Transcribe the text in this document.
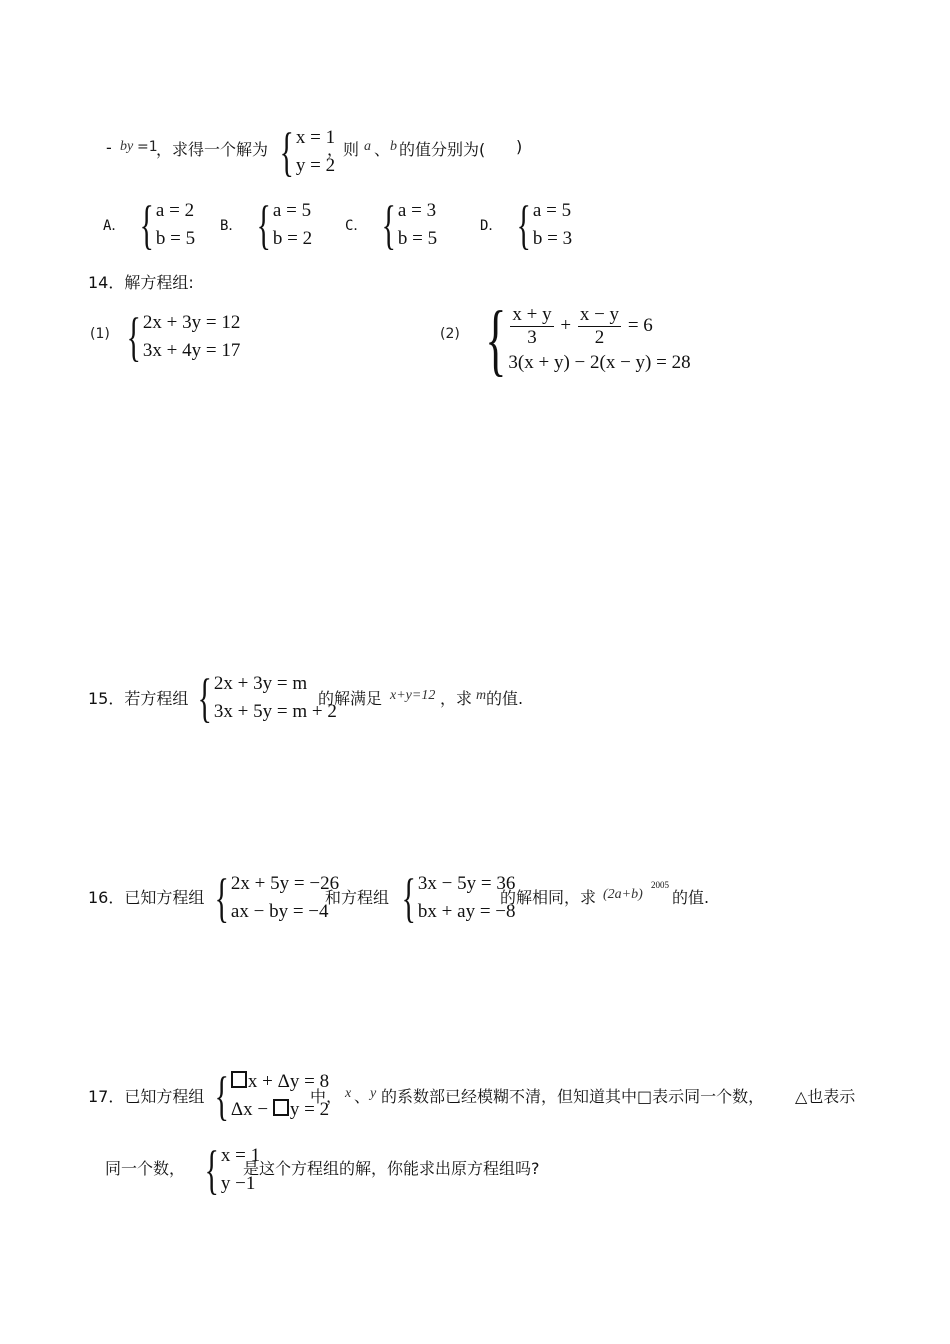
- by =1
，求得一个解为 { x = 1
y = 2
，则 a 、 b 的值分别为( )
A． { a = 2
b = 5
B． { a = 5
b = 2
C． { a = 3
b = 5
D． { a = 5
b = 3
14．解方程组:
(1) { 2x + 3y = 12
3x + 4y = 17
(2) { $\frac{x + y}{3} + \frac{x - y}{2} = 6$
3(x + y) − 2(x − y) = 28
15．若方程组 { 2x + 3y = m
3x + 5y = m + 2
的解满足 x+y=12 ，求 m 的值.
16．已知方程组 { 2x + 5y = −26
ax − by = −4
和方程组 { 3x − 5y = 36
bx + ay = −8
的解相同，求 (2a+b)
2005
的值.
17．已知方程组 {	x + Δy = 8
Δx − y = 2
中， x 、 y 的系数部已经模糊不清，但知道其中□表示同一个数， △也表示
同一个数， { x = 1
y −1
是这个方程组的解，你能求出原方程组吗?
